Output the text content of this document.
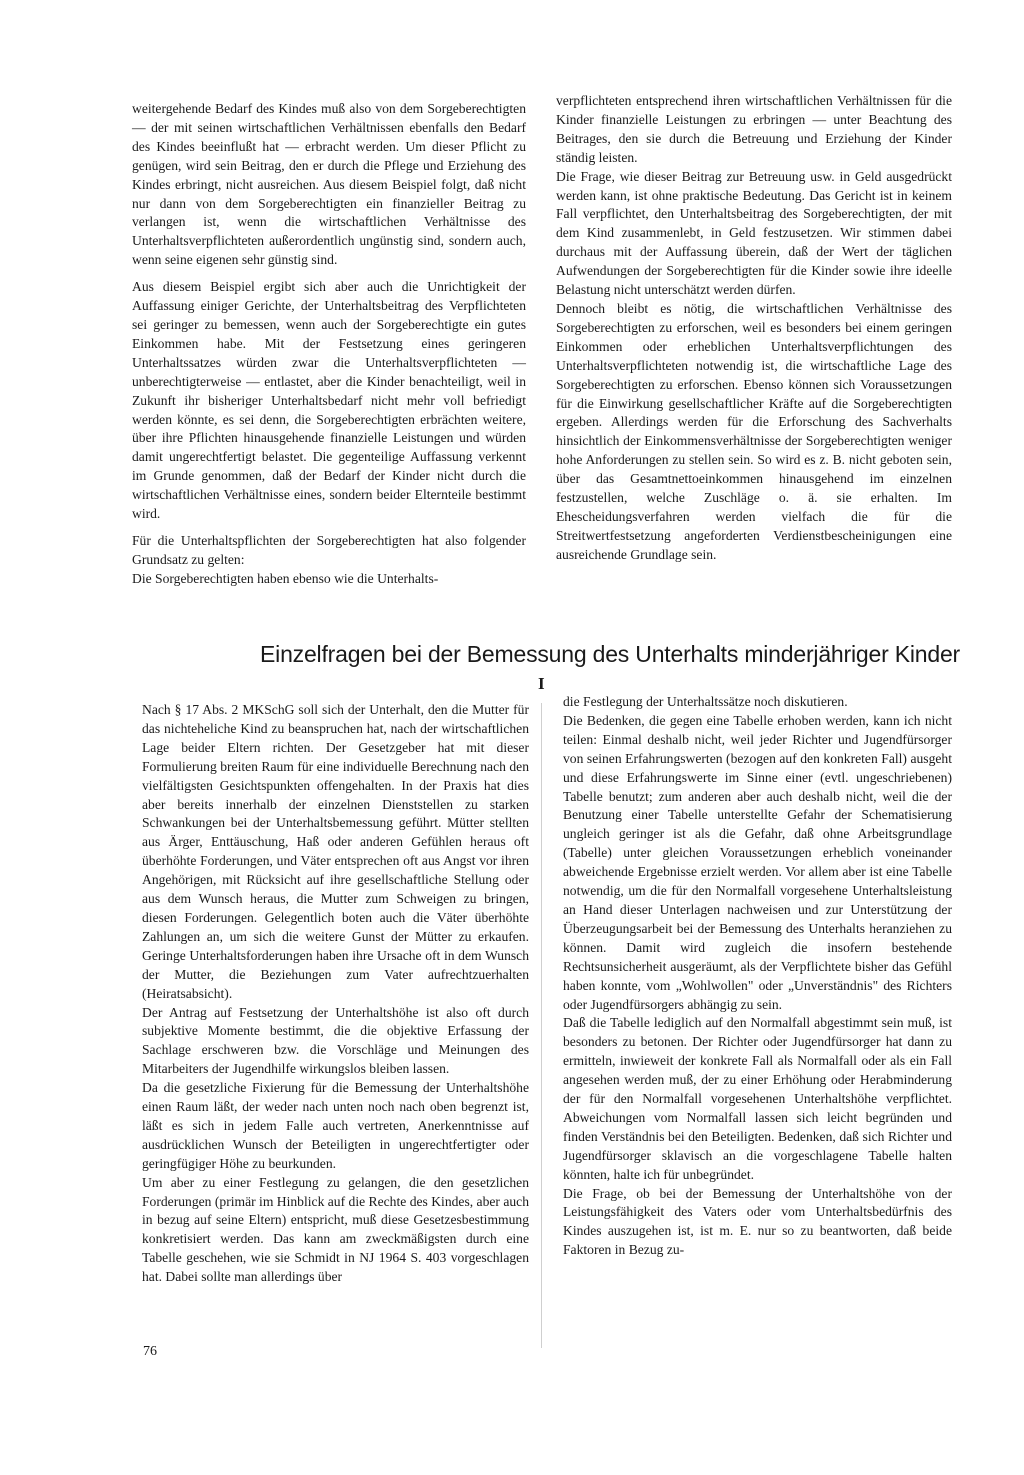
weitergehende Bedarf des Kindes muß also von dem Sorgeberechtigten — der mit seinen wirtschaftlichen Verhältnissen ebenfalls den Bedarf des Kindes beeinflußt hat — erbracht werden. Um dieser Pflicht zu genügen, wird sein Beitrag, den er durch die Pflege und Erziehung des Kindes erbringt, nicht ausreichen. Aus diesem Beispiel folgt, daß nicht nur dann von dem Sorgeberechtigten ein finanzieller Beitrag zu verlangen ist, wenn die wirtschaftlichen Verhältnisse des Unterhaltsverpflichteten außerordentlich ungünstig sind, sondern auch, wenn seine eigenen sehr günstig sind.

Aus diesem Beispiel ergibt sich aber auch die Unrichtigkeit der Auffassung einiger Gerichte, der Unterhaltsbeitrag des Verpflichteten sei geringer zu bemessen, wenn auch der Sorgeberechtigte ein gutes Einkommen habe. Mit der Festsetzung eines geringeren Unterhaltssatzes würden zwar die Unterhaltsverpflichteten — unberechtigterweise — entlastet, aber die Kinder benachteiligt, weil in Zukunft ihr bisheriger Unterhaltsbedarf nicht mehr voll befriedigt werden könnte, es sei denn, die Sorgeberechtigten erbrächten weitere, über ihre Pflichten hinausgehende finanzielle Leistungen und würden damit ungerechtfertigt belastet. Die gegenteilige Auffassung verkennt im Grunde genommen, daß der Bedarf der Kinder nicht durch die wirtschaftlichen Verhältnisse eines, sondern beider Elternteile bestimmt wird.

Für die Unterhaltspflichten der Sorgeberechtigten hat also folgender Grundsatz zu gelten:

Die Sorgeberechtigten haben ebenso wie die Unterhalts-

verpflichteten entsprechend ihren wirtschaftlichen Verhältnissen für die Kinder finanzielle Leistungen zu erbringen — unter Beachtung des Beitrages, den sie durch die Betreuung und Erziehung der Kinder ständig leisten.

Die Frage, wie dieser Beitrag zur Betreuung usw. in Geld ausgedrückt werden kann, ist ohne praktische Bedeutung. Das Gericht ist in keinem Fall verpflichtet, den Unterhaltsbeitrag des Sorgeberechtigten, der mit dem Kind zusammenlebt, in Geld festzusetzen. Wir stimmen dabei durchaus mit der Auffassung überein, daß der Wert der täglichen Aufwendungen der Sorgeberechtigten für die Kinder sowie ihre ideelle Belastung nicht unterschätzt werden dürfen.

Dennoch bleibt es nötig, die wirtschaftlichen Verhältnisse des Sorgeberechtigten zu erforschen, weil es besonders bei einem geringen Einkommen oder erheblichen Unterhaltsverpflichtungen des Unterhaltsverpflichteten notwendig ist, die wirtschaftliche Lage des Sorgeberechtigten zu erforschen. Ebenso können sich Voraussetzungen für die Einwirkung gesellschaftlicher Kräfte auf die Sorgeberechtigten ergeben. Allerdings werden für die Erforschung des Sachverhalts hinsichtlich der Einkommensverhältnisse der Sorgeberechtigten weniger hohe Anforderungen zu stellen sein. So wird es z. B. nicht geboten sein, über das Gesamtnettoeinkommen hinausgehend im einzelnen festzustellen, welche Zuschläge o. ä. sie erhalten. Im Ehescheidungsverfahren werden vielfach die für die Streitwertfestsetzung angeforderten Verdienstbescheinigungen eine ausreichende Grundlage sein.

Einzelfragen bei der Bemessung des Unterhalts minderjähriger Kinder
I

Nach § 17 Abs. 2 MKSchG soll sich der Unterhalt, den die Mutter für das nichteheliche Kind zu beanspruchen hat, nach der wirtschaftlichen Lage beider Eltern richten. Der Gesetzgeber hat mit dieser Formulierung breiten Raum für eine individuelle Berechnung nach den vielfältigsten Gesichtspunkten offengehalten. In der Praxis hat dies aber bereits innerhalb der einzelnen Dienststellen zu starken Schwankungen bei der Unterhaltsbemessung geführt. Mütter stellten aus Ärger, Enttäuschung, Haß oder anderen Gefühlen heraus oft überhöhte Forderungen, und Väter entsprechen oft aus Angst vor ihren Angehörigen, mit Rücksicht auf ihre gesellschaftliche Stellung oder aus dem Wunsch heraus, die Mutter zum Schweigen zu bringen, diesen Forderungen. Gelegentlich boten auch die Väter überhöhte Zahlungen an, um sich die weitere Gunst der Mütter zu erkaufen. Geringe Unterhaltsforderungen haben ihre Ursache oft in dem Wunsch der Mutter, die Beziehungen zum Vater aufrechtzuerhalten (Heiratsabsicht).

Der Antrag auf Festsetzung der Unterhaltshöhe ist also oft durch subjektive Momente bestimmt, die die objektive Erfassung der Sachlage erschweren bzw. die Vorschläge und Meinungen des Mitarbeiters der Jugendhilfe wirkungslos bleiben lassen.

Da die gesetzliche Fixierung für die Bemessung der Unterhaltshöhe einen Raum läßt, der weder nach unten noch nach oben begrenzt ist, läßt es sich in jedem Falle auch vertreten, Anerkenntnisse auf ausdrücklichen Wunsch der Beteiligten in ungerechtfertigter oder geringfügiger Höhe zu beurkunden.

Um aber zu einer Festlegung zu gelangen, die den gesetzlichen Forderungen (primär im Hinblick auf die Rechte des Kindes, aber auch in bezug auf seine Eltern) entspricht, muß diese Gesetzesbestimmung konkretisiert werden. Das kann am zweckmäßigsten durch eine Tabelle geschehen, wie sie Schmidt in NJ 1964 S. 403 vorgeschlagen hat. Dabei sollte man allerdings über

die Festlegung der Unterhaltssätze noch diskutieren.

Die Bedenken, die gegen eine Tabelle erhoben werden, kann ich nicht teilen: Einmal deshalb nicht, weil jeder Richter und Jugendfürsorger von seinen Erfahrungswerten (bezogen auf den konkreten Fall) ausgeht und diese Erfahrungswerte im Sinne einer (evtl. ungeschriebenen) Tabelle benutzt; zum anderen aber auch deshalb nicht, weil die der Benutzung einer Tabelle unterstellte Gefahr der Schematisierung ungleich geringer ist als die Gefahr, daß ohne Arbeitsgrundlage (Tabelle) unter gleichen Voraussetzungen erheblich voneinander abweichende Ergebnisse erzielt werden. Vor allem aber ist eine Tabelle notwendig, um die für den Normalfall vorgesehene Unterhaltsleistung an Hand dieser Unterlagen nachweisen und zur Unterstützung der Überzeugungsarbeit bei der Bemessung des Unterhalts heranziehen zu können. Damit wird zugleich die insofern bestehende Rechtsunsicherheit ausgeräumt, als der Verpflichtete bisher das Gefühl haben konnte, vom „Wohlwollen" oder „Unverständnis" des Richters oder Jugendfürsorgers abhängig zu sein.

Daß die Tabelle lediglich auf den Normalfall abgestimmt sein muß, ist besonders zu betonen. Der Richter oder Jugendfürsorger hat dann zu ermitteln, inwieweit der konkrete Fall als Normalfall oder als ein Fall angesehen werden muß, der zu einer Erhöhung oder Herabminderung der für den Normalfall vorgesehenen Unterhaltshöhe verpflichtet. Abweichungen vom Normalfall lassen sich leicht begründen und finden Verständnis bei den Beteiligten. Bedenken, daß sich Richter und Jugendfürsorger sklavisch an die vorgeschlagene Tabelle halten könnten, halte ich für unbegründet.

Die Frage, ob bei der Bemessung der Unterhaltshöhe von der Leistungsfähigkeit des Vaters oder vom Unterhaltsbedürfnis des Kindes auszugehen ist, ist m. E. nur so zu beantworten, daß beide Faktoren in Bezug zu-

76
